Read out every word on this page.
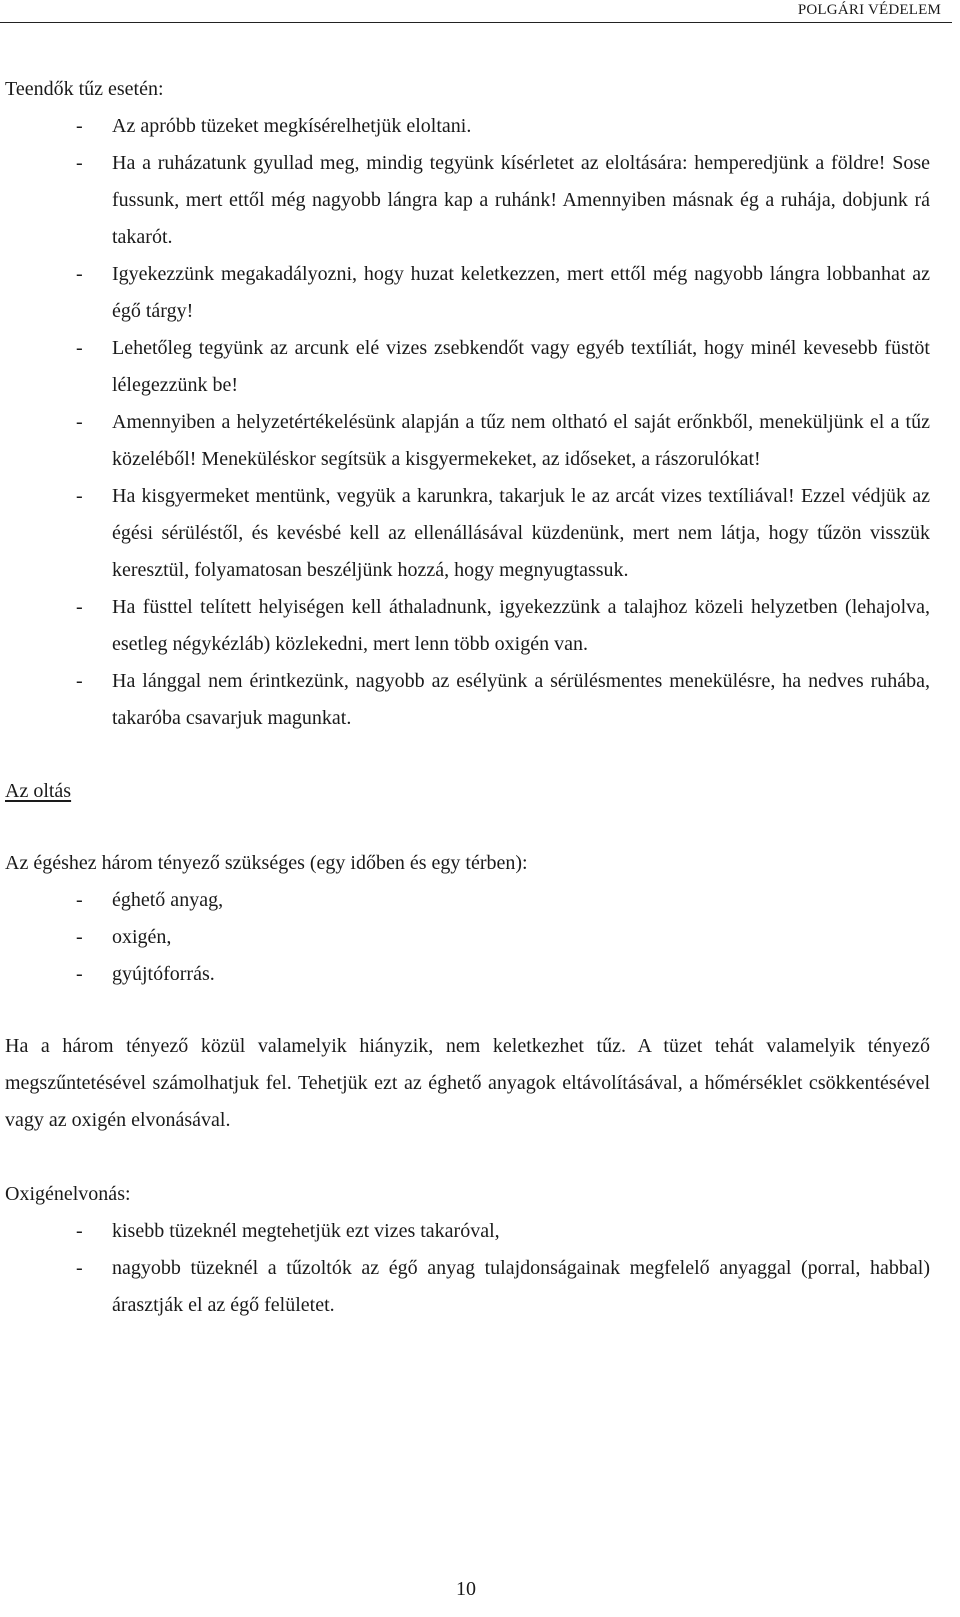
POLGÁRI VÉDELEM

Teendők tűz esetén:

- Az apróbb tüzeket megkísérelhetjük eloltani.
- Ha a ruházatunk gyullad meg, mindig tegyünk kísérletet az eloltására: hemperedjünk a földre! Sose fussunk, mert ettől még nagyobb lángra kap a ruhánk! Amennyiben másnak ég a ruhája, dobjunk rá takarót.
- Igyekezzünk megakadályozni, hogy huzat keletkezzen, mert ettől még nagyobb lángra lobbanhat az égő tárgy!
- Lehetőleg tegyünk az arcunk elé vizes zsebkendőt vagy egyéb textíliát, hogy minél kevesebb füstöt lélegezzünk be!
- Amennyiben a helyzetértékelésünk alapján a tűz nem oltható el saját erőnkből, meneküljünk el a tűz közeléből! Meneküléskor segítsük a kisgyermekeket, az időseket, a rászorulókat!
- Ha kisgyermeket mentünk, vegyük a karunkra, takarjuk le az arcát vizes textíliával! Ezzel védjük az égési sérüléstől, és kevésbé kell az ellenállásával küzdenünk, mert nem látja, hogy tűzön visszük keresztül, folyamatosan beszéljünk hozzá, hogy megnyugtassuk.
- Ha füsttel telített helyiségen kell áthaladnunk, igyekezzünk a talajhoz közeli helyzetben (lehajolva, esetleg négykézláb) közlekedni, mert lenn több oxigén van.
- Ha lánggal nem érintkezünk, nagyobb az esélyünk a sérülésmentes menekülésre, ha nedves ruhába, takaróba csavarjuk magunkat.

Az oltás

Az égéshez három tényező szükséges (egy időben és egy térben):

- éghető anyag,
- oxigén,
- gyújtóforrás.

Ha a három tényező közül valamelyik hiányzik, nem keletkezhet tűz. A tüzet tehát valamelyik tényező megszűntetésével számolhatjuk fel. Tehetjük ezt az éghető anyagok eltávolításával, a hőmérséklet csökkentésével vagy az oxigén elvonásával.

Oxigénelvonás:

- kisebb tüzeknél megtehetjük ezt vizes takaróval,
- nagyobb tüzeknél a tűzoltók az égő anyag tulajdonságainak megfelelő anyaggal (porral, habbal) árasztják el az égő felületet.
10
